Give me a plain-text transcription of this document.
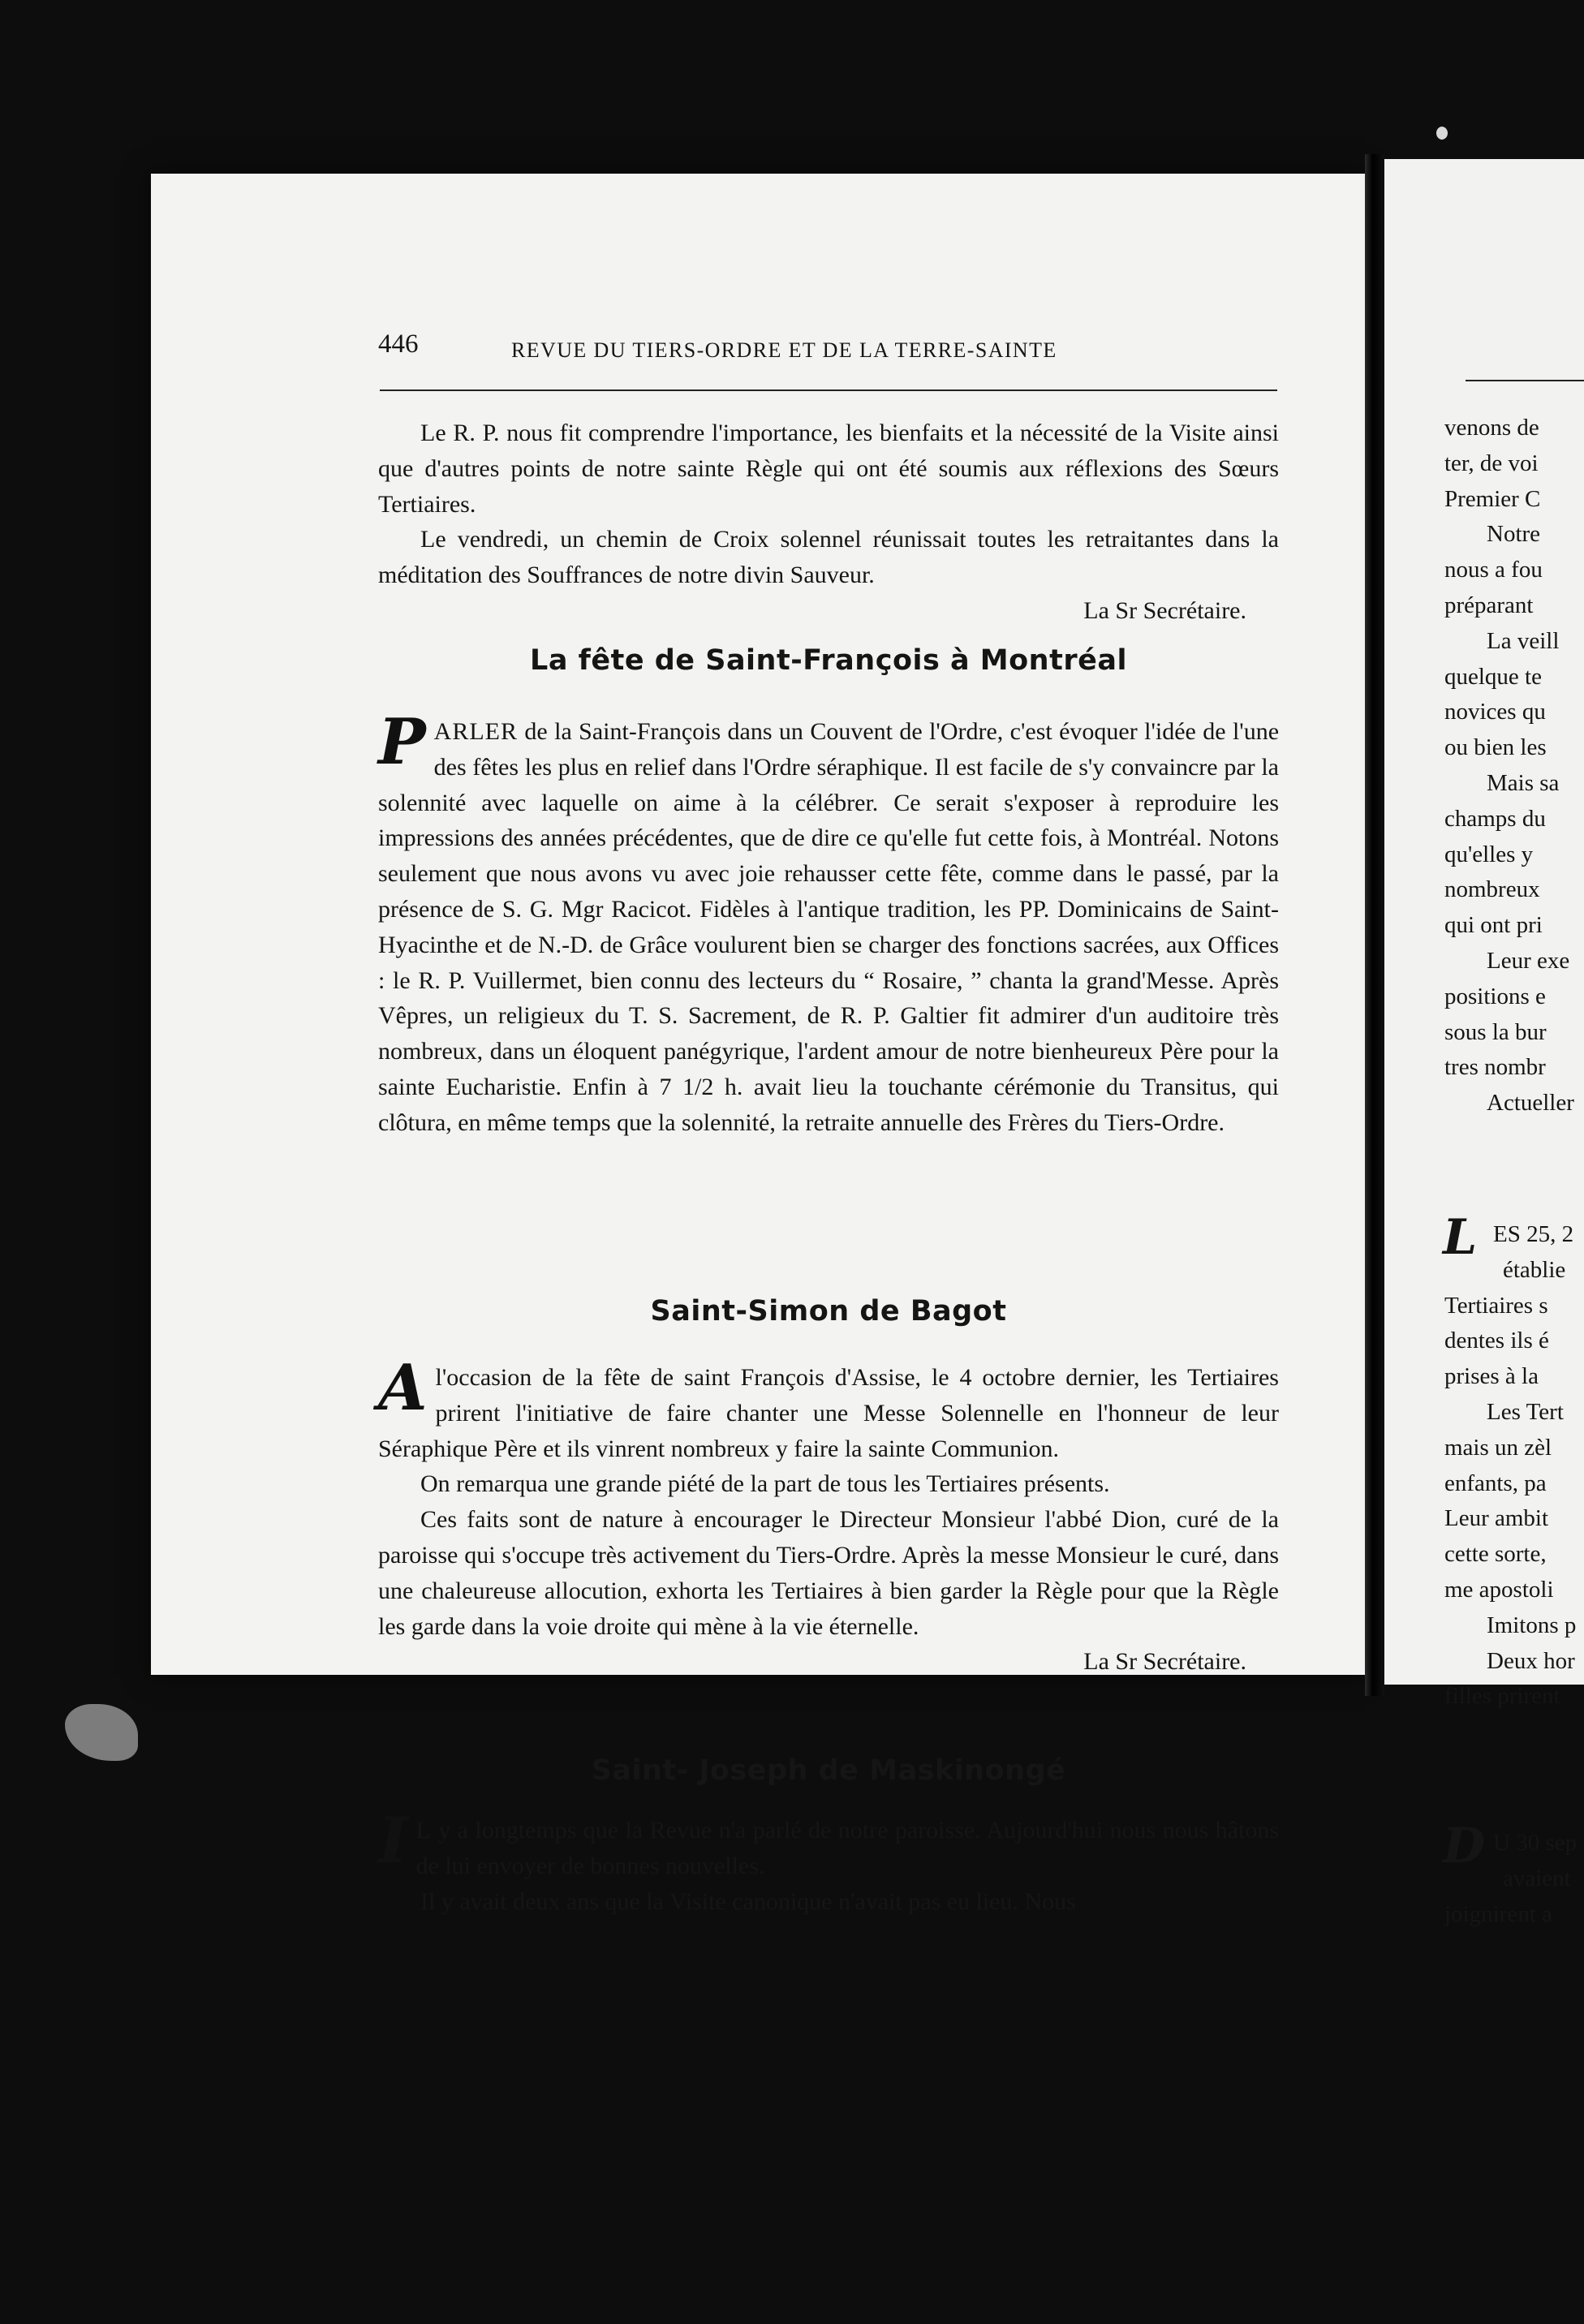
446	REVUE DU TIERS-ORDRE ET DE LA TERRE-SAINTE

Le R. P. nous fit comprendre l'importance, les bienfaits et la nécessité de la Visite ainsi que d'autres points de notre sainte Règle qui ont été soumis aux réflexions des Sœurs Tertiaires.

Le vendredi, un chemin de Croix solennel réunissait toutes les retraitantes dans la méditation des Souffrances de notre divin Sauveur.

La Sr Secrétaire.

La fête de Saint-François à Montréal

PARLER de la Saint-François dans un Couvent de l'Ordre, c'est évoquer l'idée de l'une des fêtes les plus en relief dans l'Ordre séraphique. Il est facile de s'y convaincre par la solennité avec laquelle on aime à la célébrer. Ce serait s'exposer à reproduire les impressions des années précédentes, que de dire ce qu'elle fut cette fois, à Montréal. Notons seulement que nous avons vu avec joie rehausser cette fête, comme dans le passé, par la présence de S. G. Mgr Racicot. Fidèles à l'antique tradition, les PP. Dominicains de Saint-Hyacinthe et de N.-D. de Grâce voulurent bien se charger des fonctions sacrées, aux Offices : le R. P. Vuillermet, bien connu des lecteurs du “ Rosaire, ” chanta la grand'Messe. Après Vêpres, un religieux du T. S. Sacrement, de R. P. Galtier fit admirer d'un auditoire très nombreux, dans un éloquent panégyrique, l'ardent amour de notre bienheureux Père pour la sainte Eucharistie. Enfin à 7 1/2 h. avait lieu la touchante cérémonie du Transitus, qui clôtura, en même temps que la solennité, la retraite annuelle des Frères du Tiers-Ordre.

Saint-Simon de Bagot

Al'occasion de la fête de saint François d'Assise, le 4 octobre dernier, les Tertiaires prirent l'initiative de faire chanter une Messe Solennelle en l'honneur de leur Séraphique Père et ils vinrent nombreux y faire la sainte Communion.

On remarqua une grande piété de la part de tous les Tertiaires présents.

Ces faits sont de nature à encourager le Directeur Monsieur l'abbé Dion, curé de la paroisse qui s'occupe très activement du Tiers-Ordre. Après la messe Monsieur le curé, dans une chaleureuse allocution, exhorta les Tertiaires à bien garder la Règle pour que la Règle les garde dans la voie droite qui mène à la vie éternelle.

La Sr Secrétaire.

Saint- Joseph de Maskinongé

I L y a longtemps que la Revue n'a parlé de notre paroisse. Aujourd'hui nous nous hâtons de lui envoyer de bonnes nouvelles.

Il y avait deux ans que la Visite canonique n'avait pas eu lieu. Nous

venons de
ter, de voi
Premier C
Notre
nous a fou
préparant
La veill
quelque te
novices qu
ou bien les
Mais sa
champs du
qu'elles y
nombreux
qui ont pri
Leur exe
positions e
sous la bur
tres nombr
Actueller
ES 25, 2
établie
Tertiaires s
dentes ils é
prises à la
Les Tert
mais un zèl
enfants, pa
Leur ambit
cette sorte,
me apostoli
Imitons p
Deux hor
filles prirent
U 30 sep
avaient
joignirent a
L
D
